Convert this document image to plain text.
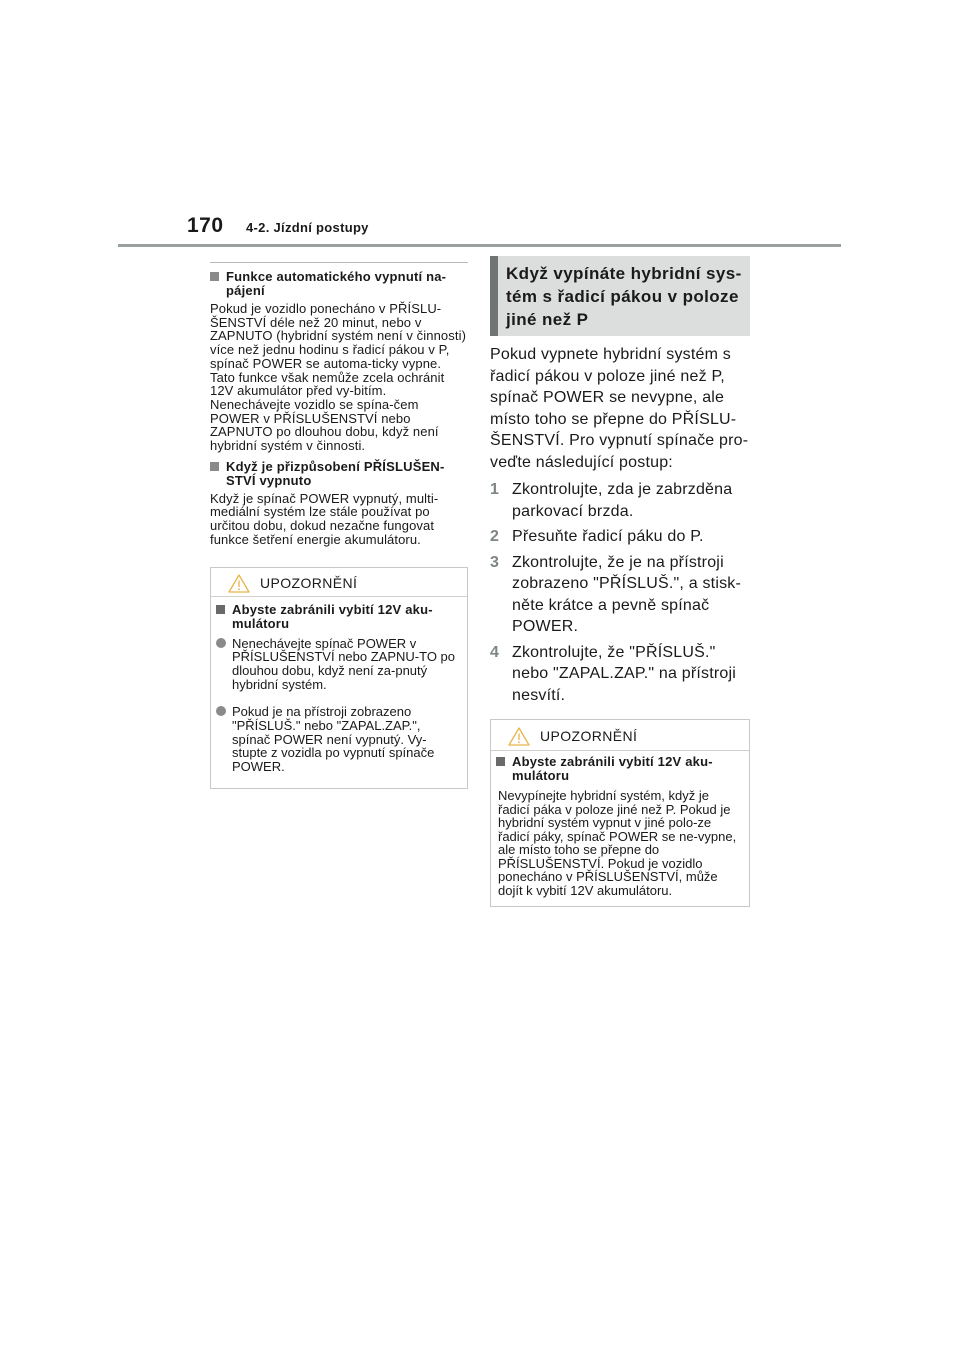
170 4-2. Jízdní postupy
Funkce automatického vypnutí na-pájení
Pokud je vozidlo ponecháno v PŘÍSLU-ŠENSTVÍ déle než 20 minut, nebo v ZAPNUTO (hybridní systém není v činnosti) více než jednu hodinu s řadicí pákou v P, spínač POWER se automa-ticky vypne. Tato funkce však nemůže zcela ochránit 12V akumulátor před vy-bitím. Nenechávejte vozidlo se spína-čem POWER v PŘÍSLUŠENSTVÍ nebo ZAPNUTO po dlouhou dobu, když není hybridní systém v činnosti.
Když je přizpůsobení PŘÍSLUŠEN-STVÍ vypnuto
Když je spínač POWER vypnutý, multi-mediální systém lze stále používat po určitou dobu, dokud nezačne fungovat funkce šetření energie akumulátoru.
UPOZORNĚNÍ
Abyste zabránili vybití 12V aku-mulátoru
Nenechávejte spínač POWER v PŘÍSLUŠENSTVÍ nebo ZAPNU-TO po dlouhou dobu, když není za-pnutý hybridní systém.
Pokud je na přístroji zobrazeno "PŘÍSLUŠ." nebo "ZAPAL.ZAP.", spínač POWER není vypnutý. Vy-stupte z vozidla po vypnutí spínače POWER.
Když vypínáte hybridní sys-tém s řadicí pákou v poloze jiné než P
Pokud vypnete hybridní systém s řadicí pákou v poloze jiné než P, spínač POWER se nevypne, ale místo toho se přepne do PŘÍSLU-ŠENSTVÍ. Pro vypnutí spínače pro-veďte následující postup:
1 Zkontrolujte, zda je zabrzděna parkovací brzda.
2 Přesuňte řadicí páku do P.
3 Zkontrolujte, že je na přístroji zobrazeno "PŘÍSLUŠ.", a stisk-něte krátce a pevně spínač POWER.
4 Zkontrolujte, že "PŘÍSLUŠ." nebo "ZAPAL.ZAP." na přístroji nesvítí.
UPOZORNĚNÍ
Abyste zabránili vybití 12V aku-mulátoru
Nevypínejte hybridní systém, když je řadicí páka v poloze jiné než P. Pokud je hybridní systém vypnut v jiné polo-ze řadicí páky, spínač POWER se ne-vypne, ale místo toho se přepne do PŘÍSLUŠENSTVÍ. Pokud je vozidlo ponecháno v PŘÍSLUŠENSTVÍ, může dojít k vybití 12V akumulátoru.
